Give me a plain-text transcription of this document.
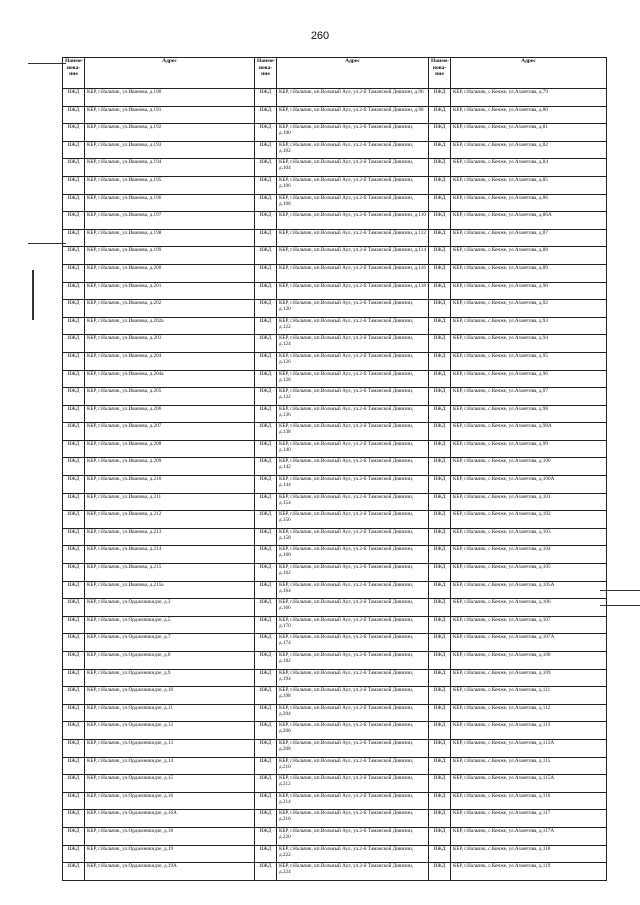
260
Наименование	Адрес	Наименование	Адрес	Наименование	Адрес
ИЖД	КБР, г.Нальчик, ул.Иванова, д.190	ИЖД	КБР, г.Нальчик, кп.Вольный Аул, ул.2-й Таманской Дивизии, д.96	ИЖД	КБР, г.Нальчик, с.Кенже, ул.Ахметова, д.79
ИЖД	КБР, г.Нальчик, ул.Иванова, д.191	ИЖД	КБР, г.Нальчик, кп.Вольный Аул, ул.2-й Таманской Дивизии, д.98	ИЖД	КБР, г.Нальчик, с.Кенже, ул.Ахметова, д.80
ИЖД	КБР, г.Нальчик, ул.Иванова, д.192	ИЖД	КБР, г.Нальчик, кп.Вольный Аул, ул.2-й Таманской Дивизии, д.100	ИЖД	КБР, г.Нальчик, с.Кенже, ул.Ахметова, д.81
ИЖД	КБР, г.Нальчик, ул.Иванова, д.193	ИЖД	КБР, г.Нальчик, кп.Вольный Аул, ул.2-й Таманской Дивизии, д.102	ИЖД	КБР, г.Нальчик, с.Кенже, ул.Ахметова, д.82
ИЖД	КБР, г.Нальчик, ул.Иванова, д.194	ИЖД	КБР, г.Нальчик, кп.Вольный Аул, ул.2-й Таманской Дивизии, д.104	ИЖД	КБР, г.Нальчик, с.Кенже, ул.Ахметова, д.84
ИЖД	КБР, г.Нальчик, ул.Иванова, д.195	ИЖД	КБР, г.Нальчик, кп.Вольный Аул, ул.2-й Таманской Дивизии, д.106	ИЖД	КБР, г.Нальчик, с.Кенже, ул.Ахметова, д.85
ИЖД	КБР, г.Нальчик, ул.Иванова, д.196	ИЖД	КБР, г.Нальчик, кп.Вольный Аул, ул.2-й Таманской Дивизии, д.108	ИЖД	КБР, г.Нальчик, с.Кенже, ул.Ахметова, д.86
ИЖД	КБР, г.Нальчик, ул.Иванова, д.197	ИЖД	КБР, г.Нальчик, кп.Вольный Аул, ул.2-й Таманской Дивизии, д.110	ИЖД	КБР, г.Нальчик, с.Кенже, ул.Ахметова, д.86А
ИЖД	КБР, г.Нальчик, ул.Иванова, д.198	ИЖД	КБР, г.Нальчик, кп.Вольный Аул, ул.2-й Таманской Дивизии, д.112	ИЖД	КБР, г.Нальчик, с.Кенже, ул.Ахметова, д.87
ИЖД	КБР, г.Нальчик, ул.Иванова, д.199	ИЖД	КБР, г.Нальчик, кп.Вольный Аул, ул.2-й Таманской Дивизии, д.114	ИЖД	КБР, г.Нальчик, с.Кенже, ул.Ахметова, д.88
ИЖД	КБР, г.Нальчик, ул.Иванова, д.200	ИЖД	КБР, г.Нальчик, кп.Вольный Аул, ул.2-й Таманской Дивизии, д.116	ИЖД	КБР, г.Нальчик, с.Кенже, ул.Ахметова, д.89
ИЖД	КБР, г.Нальчик, ул.Иванова, д.201	ИЖД	КБР, г.Нальчик, кп.Вольный Аул, ул.2-й Таманской Дивизии, д.118	ИЖД	КБР, г.Нальчик, с.Кенже, ул.Ахметова, д.90
ИЖД	КБР, г.Нальчик, ул.Иванова, д.202	ИЖД	КБР, г.Нальчик, кп.Вольный Аул, ул.2-й Таманской Дивизии, д.120	ИЖД	КБР, г.Нальчик, с.Кенже, ул.Ахметова, д.92
ИЖД	КБР, г.Нальчик, ул.Иванова, д.202а	ИЖД	КБР, г.Нальчик, кп.Вольный Аул, ул.2-й Таманской Дивизии, д.122	ИЖД	КБР, г.Нальчик, с.Кенже, ул.Ахметова, д.93
ИЖД	КБР, г.Нальчик, ул.Иванова, д.203	ИЖД	КБР, г.Нальчик, кп.Вольный Аул, ул.2-й Таманской Дивизии, д.124	ИЖД	КБР, г.Нальчик, с.Кенже, ул.Ахметова, д.94
ИЖД	КБР, г.Нальчик, ул.Иванова, д.204	ИЖД	КБР, г.Нальчик, кп.Вольный Аул, ул.2-й Таманской Дивизии, д.126	ИЖД	КБР, г.Нальчик, с.Кенже, ул.Ахметова, д.95
ИЖД	КБР, г.Нальчик, ул.Иванова, д.204а	ИЖД	КБР, г.Нальчик, кп.Вольный Аул, ул.2-й Таманской Дивизии, д.128	ИЖД	КБР, г.Нальчик, с.Кенже, ул.Ахметова, д.96
ИЖД	КБР, г.Нальчик, ул.Иванова, д.205	ИЖД	КБР, г.Нальчик, кп.Вольный Аул, ул.2-й Таманской Дивизии, д.132	ИЖД	КБР, г.Нальчик, с.Кенже, ул.Ахметова, д.97
ИЖД	КБР, г.Нальчик, ул.Иванова, д.206	ИЖД	КБР, г.Нальчик, кп.Вольный Аул, ул.2-й Таманской Дивизии, д.136	ИЖД	КБР, г.Нальчик, с.Кенже, ул.Ахметова, д.98
ИЖД	КБР, г.Нальчик, ул.Иванова, д.207	ИЖД	КБР, г.Нальчик, кп.Вольный Аул, ул.2-й Таманской Дивизии, д.138	ИЖД	КБР, г.Нальчик, с.Кенже, ул.Ахметова, д.98А
ИЖД	КБР, г.Нальчик, ул.Иванова, д.208	ИЖД	КБР, г.Нальчик, кп.Вольный Аул, ул.2-й Таманской Дивизии, д.140	ИЖД	КБР, г.Нальчик, с.Кенже, ул.Ахметова, д.99
ИЖД	КБР, г.Нальчик, ул.Иванова, д.209	ИЖД	КБР, г.Нальчик, кп.Вольный Аул, ул.2-й Таманской Дивизии, д.142	ИЖД	КБР, г.Нальчик, с.Кенже, ул.Ахметова, д.100
ИЖД	КБР, г.Нальчик, ул.Иванова, д.210	ИЖД	КБР, г.Нальчик, кп.Вольный Аул, ул.2-й Таманской Дивизии, д.144	ИЖД	КБР, г.Нальчик, с.Кенже, ул.Ахметова, д.100А
ИЖД	КБР, г.Нальчик, ул.Иванова, д.211	ИЖД	КБР, г.Нальчик, кп.Вольный Аул, ул.2-й Таманской Дивизии, д.154	ИЖД	КБР, г.Нальчик, с.Кенже, ул.Ахметова, д.101
ИЖД	КБР, г.Нальчик, ул.Иванова, д.212	ИЖД	КБР, г.Нальчик, кп.Вольный Аул, ул.2-й Таманской Дивизии, д.156	ИЖД	КБР, г.Нальчик, с.Кенже, ул.Ахметова, д.102
ИЖД	КБР, г.Нальчик, ул.Иванова, д.213	ИЖД	КБР, г.Нальчик, кп.Вольный Аул, ул.2-й Таманской Дивизии, д.158	ИЖД	КБР, г.Нальчик, с.Кенже, ул.Ахметова, д.103
ИЖД	КБР, г.Нальчик, ул.Иванова, д.214	ИЖД	КБР, г.Нальчик, кп.Вольный Аул, ул.2-й Таманской Дивизии, д.160	ИЖД	КБР, г.Нальчик, с.Кенже, ул.Ахметова, д.104
ИЖД	КБР, г.Нальчик, ул.Иванова, д.215	ИЖД	КБР, г.Нальчик, кп.Вольный Аул, ул.2-й Таманской Дивизии, д.162	ИЖД	КБР, г.Нальчик, с.Кенже, ул.Ахметова, д.105
ИЖД	КБР, г.Нальчик, ул.Иванова, д.215а	ИЖД	КБР, г.Нальчик, кп.Вольный Аул, ул.2-й Таманской Дивизии, д.164	ИЖД	КБР, г.Нальчик, с.Кенже, ул.Ахметова, д.105А
ИЖД	КБР, г.Нальчик, ул.Орджоникидзе, д.3	ИЖД	КБР, г.Нальчик, кп.Вольный Аул, ул.2-й Таманской Дивизии, д.166	ИЖД	КБР, г.Нальчик, с.Кенже, ул.Ахметова, д.106
ИЖД	КБР, г.Нальчик, ул.Орджоникидзе, д.5	ИЖД	КБР, г.Нальчик, кп.Вольный Аул, ул.2-й Таманской Дивизии, д.170	ИЖД	КБР, г.Нальчик, с.Кенже, ул.Ахметова, д.107
ИЖД	КБР, г.Нальчик, ул.Орджоникидзе, д.7	ИЖД	КБР, г.Нальчик, кп.Вольный Аул, ул.2-й Таманской Дивизии, д.174	ИЖД	КБР, г.Нальчик, с.Кенже, ул.Ахметова, д.107А
ИЖД	КБР, г.Нальчик, ул.Орджоникидзе, д.8	ИЖД	КБР, г.Нальчик, кп.Вольный Аул, ул.2-й Таманской Дивизии, д.182	ИЖД	КБР, г.Нальчик, с.Кенже, ул.Ахметова, д.108
ИЖД	КБР, г.Нальчик, ул.Орджоникидзе, д.9	ИЖД	КБР, г.Нальчик, кп.Вольный Аул, ул.2-й Таманской Дивизии, д.194	ИЖД	КБР, г.Нальчик, с.Кенже, ул.Ахметова, д.109
ИЖД	КБР, г.Нальчик, ул.Орджоникидзе, д.10	ИЖД	КБР, г.Нальчик, кп.Вольный Аул, ул.2-й Таманской Дивизии, д.198	ИЖД	КБР, г.Нальчик, с.Кенже, ул.Ахметова, д.111
ИЖД	КБР, г.Нальчик, ул.Орджоникидзе, д.11	ИЖД	КБР, г.Нальчик, кп.Вольный Аул, ул.2-й Таманской Дивизии, д.204	ИЖД	КБР, г.Нальчик, с.Кенже, ул.Ахметова, д.112
ИЖД	КБР, г.Нальчик, ул.Орджоникидзе, д.12	ИЖД	КБР, г.Нальчик, кп.Вольный Аул, ул.2-й Таманской Дивизии, д.206	ИЖД	КБР, г.Нальчик, с.Кенже, ул.Ахметова, д.113
ИЖД	КБР, г.Нальчик, ул.Орджоникидзе, д.13	ИЖД	КБР, г.Нальчик, кп.Вольный Аул, ул.2-й Таманской Дивизии, д.208	ИЖД	КБР, г.Нальчик, с.Кенже, ул.Ахметова, д.113А
ИЖД	КБР, г.Нальчик, ул.Орджоникидзе, д.14	ИЖД	КБР, г.Нальчик, кп.Вольный Аул, ул.2-й Таманской Дивизии, д.210	ИЖД	КБР, г.Нальчик, с.Кенже, ул.Ахметова, д.115
ИЖД	КБР, г.Нальчик, ул.Орджоникидзе, д.15	ИЖД	КБР, г.Нальчик, кп.Вольный Аул, ул.2-й Таманской Дивизии, д.212	ИЖД	КБР, г.Нальчик, с.Кенже, ул.Ахметова, д.115А
ИЖД	КБР, г.Нальчик, ул.Орджоникидзе, д.16	ИЖД	КБР, г.Нальчик, кп.Вольный Аул, ул.2-й Таманской Дивизии, д.214	ИЖД	КБР, г.Нальчик, с.Кенже, ул.Ахметова, д.116
ИЖД	КБР, г.Нальчик, ул.Орджоникидзе, д.16А	ИЖД	КБР, г.Нальчик, кп.Вольный Аул, ул.2-й Таманской Дивизии, д.216	ИЖД	КБР, г.Нальчик, с.Кенже, ул.Ахметова, д.117
ИЖД	КБР, г.Нальчик, ул.Орджоникидзе, д.18	ИЖД	КБР, г.Нальчик, кп.Вольный Аул, ул.2-й Таманской Дивизии, д.220	ИЖД	КБР, г.Нальчик, с.Кенже, ул.Ахметова, д.117А
ИЖД	КБР, г.Нальчик, ул.Орджоникидзе, д.19	ИЖД	КБР, г.Нальчик, кп.Вольный Аул, ул.2-й Таманской Дивизии, д.222	ИЖД	КБР, г.Нальчик, с.Кенже, ул.Ахметова, д.118
ИЖД	КБР, г.Нальчик, ул.Орджоникидзе, д.19А	ИЖД	КБР, г.Нальчик, кп.Вольный Аул, ул.2-й Таманской Дивизии, д.224	ИЖД	КБР, г.Нальчик, с.Кенже, ул.Ахметова, д.119
